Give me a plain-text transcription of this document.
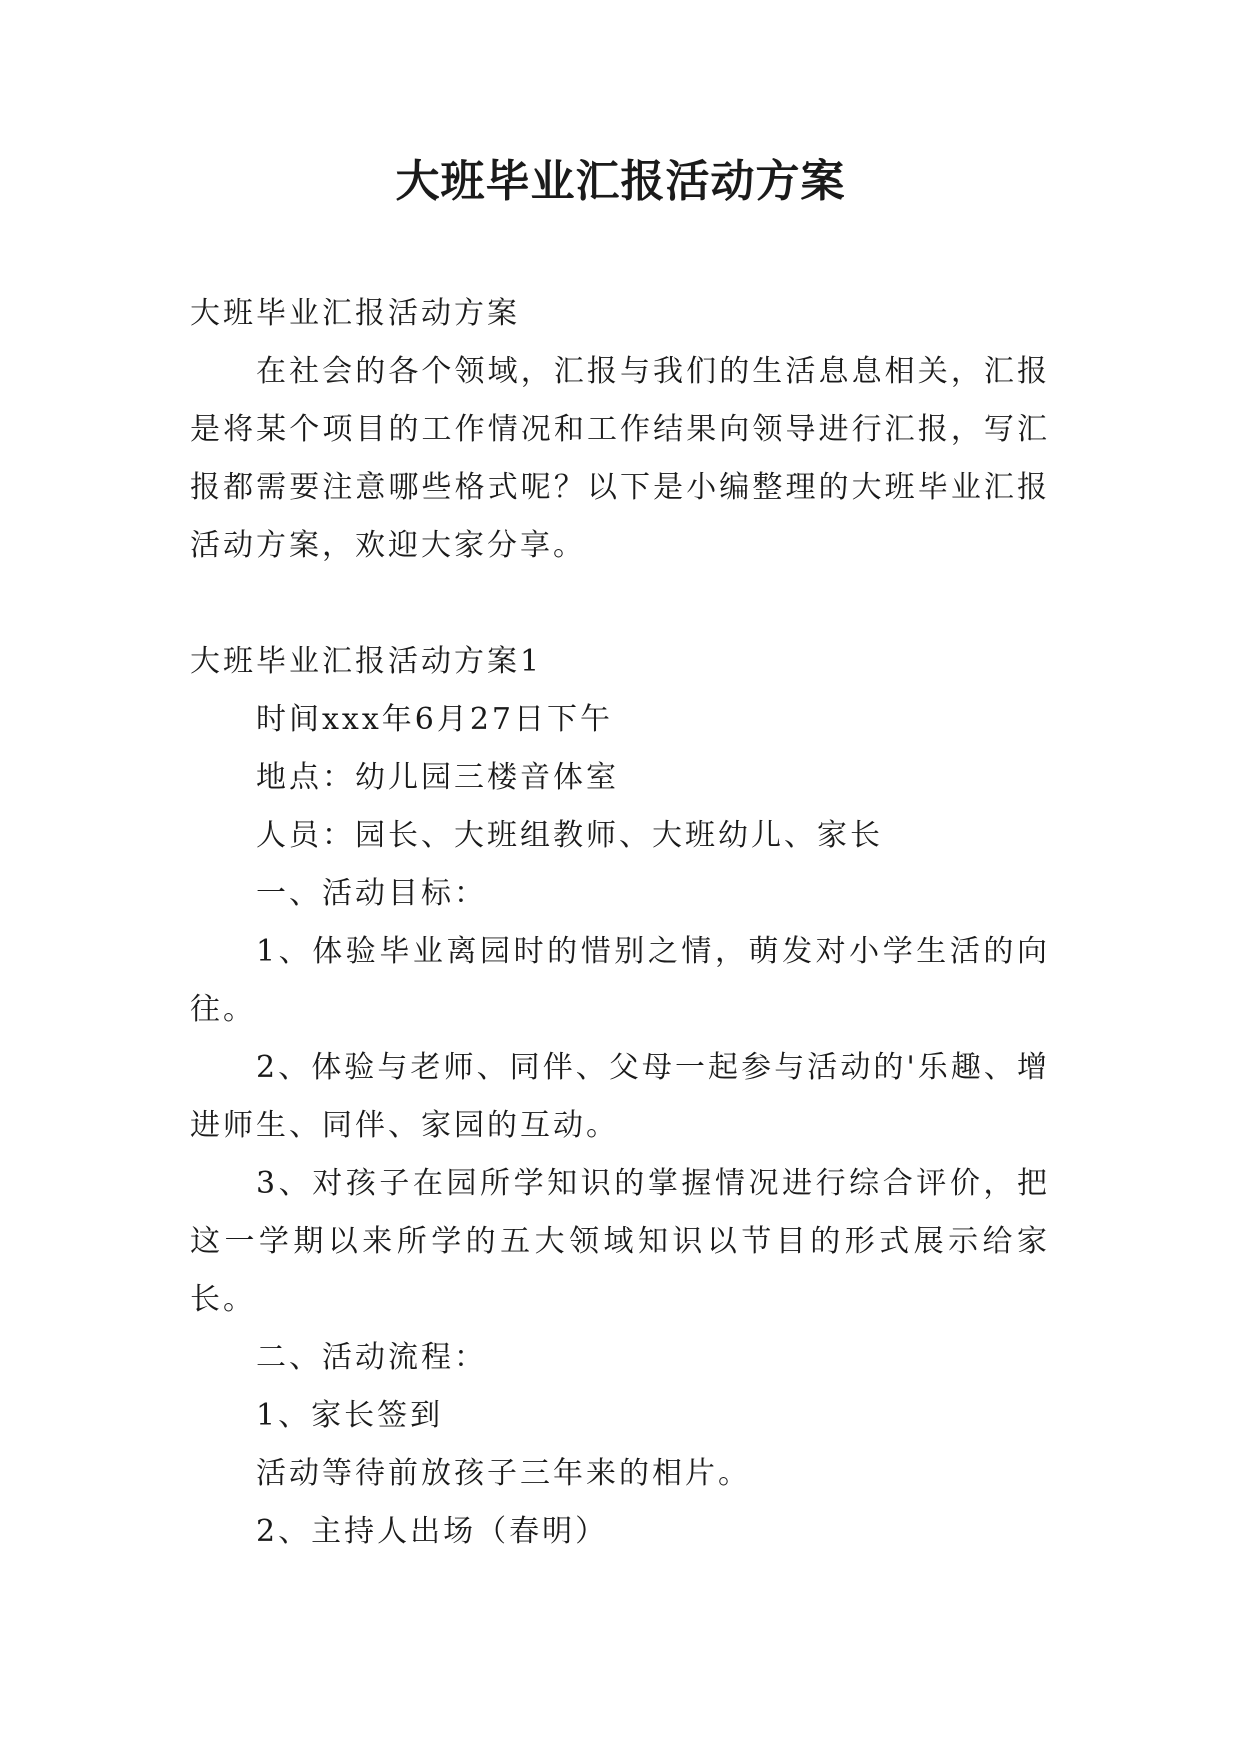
大班毕业汇报活动方案

大班毕业汇报活动方案

在社会的各个领域，汇报与我们的生活息息相关，汇报是将某个项目的工作情况和工作结果向领导进行汇报，写汇报都需要注意哪些格式呢？以下是小编整理的大班毕业汇报活动方案，欢迎大家分享。

大班毕业汇报活动方案1

时间xxx年6月27日下午

地点：幼儿园三楼音体室

人员：园长、大班组教师、大班幼儿、家长

一、活动目标：

1、体验毕业离园时的惜别之情，萌发对小学生活的向往。

2、体验与老师、同伴、父母一起参与活动的'乐趣、增进师生、同伴、家园的互动。

3、对孩子在园所学知识的掌握情况进行综合评价，把这一学期以来所学的五大领域知识以节目的形式展示给家长。

二、活动流程：

1、家长签到

活动等待前放孩子三年来的相片。

2、主持人出场（春明）
